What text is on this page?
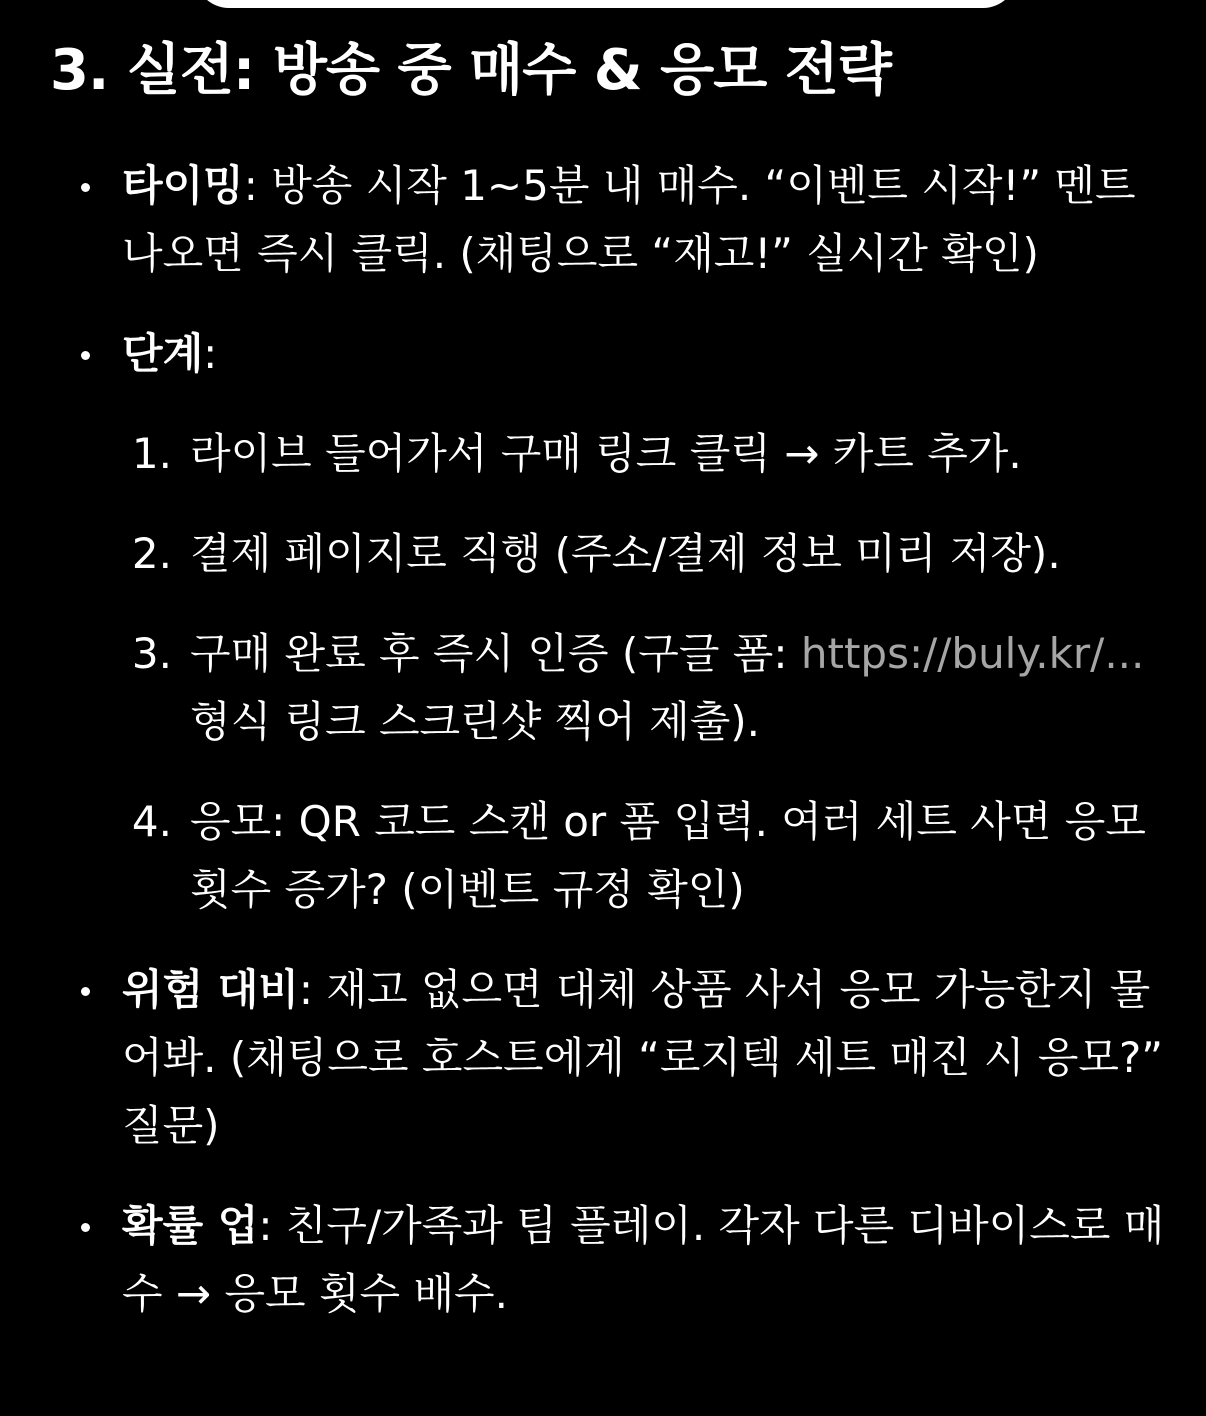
3. 실전: 방송 중 매수 & 응모 전략
타이밍: 방송 시작 1~5분 내 매수. “이벤트 시작!” 멘트 나오면 즉시 클릭. (채팅으로 “재고!” 실시간 확인)
단계:
1. 라이브 들어가서 구매 링크 클릭 → 카트 추가.
2. 결제 페이지로 직행 (주소/결제 정보 미리 저장).
3. 구매 완료 후 즉시 인증 (구글 폼: https://buly.kr/... 형식 링크 스크린샷 찍어 제출).
4. 응모: QR 코드 스캔 or 폼 입력. 여러 세트 사면 응모 횟수 증가? (이벤트 규정 확인)
위험 대비: 재고 없으면 대체 상품 사서 응모 가능한지 물어봐. (채팅으로 호스트에게 “로지텍 세트 매진 시 응모?” 질문)
확률 업: 친구/가족과 팀 플레이. 각자 다른 디바이스로 매수 → 응모 횟수 배수.
